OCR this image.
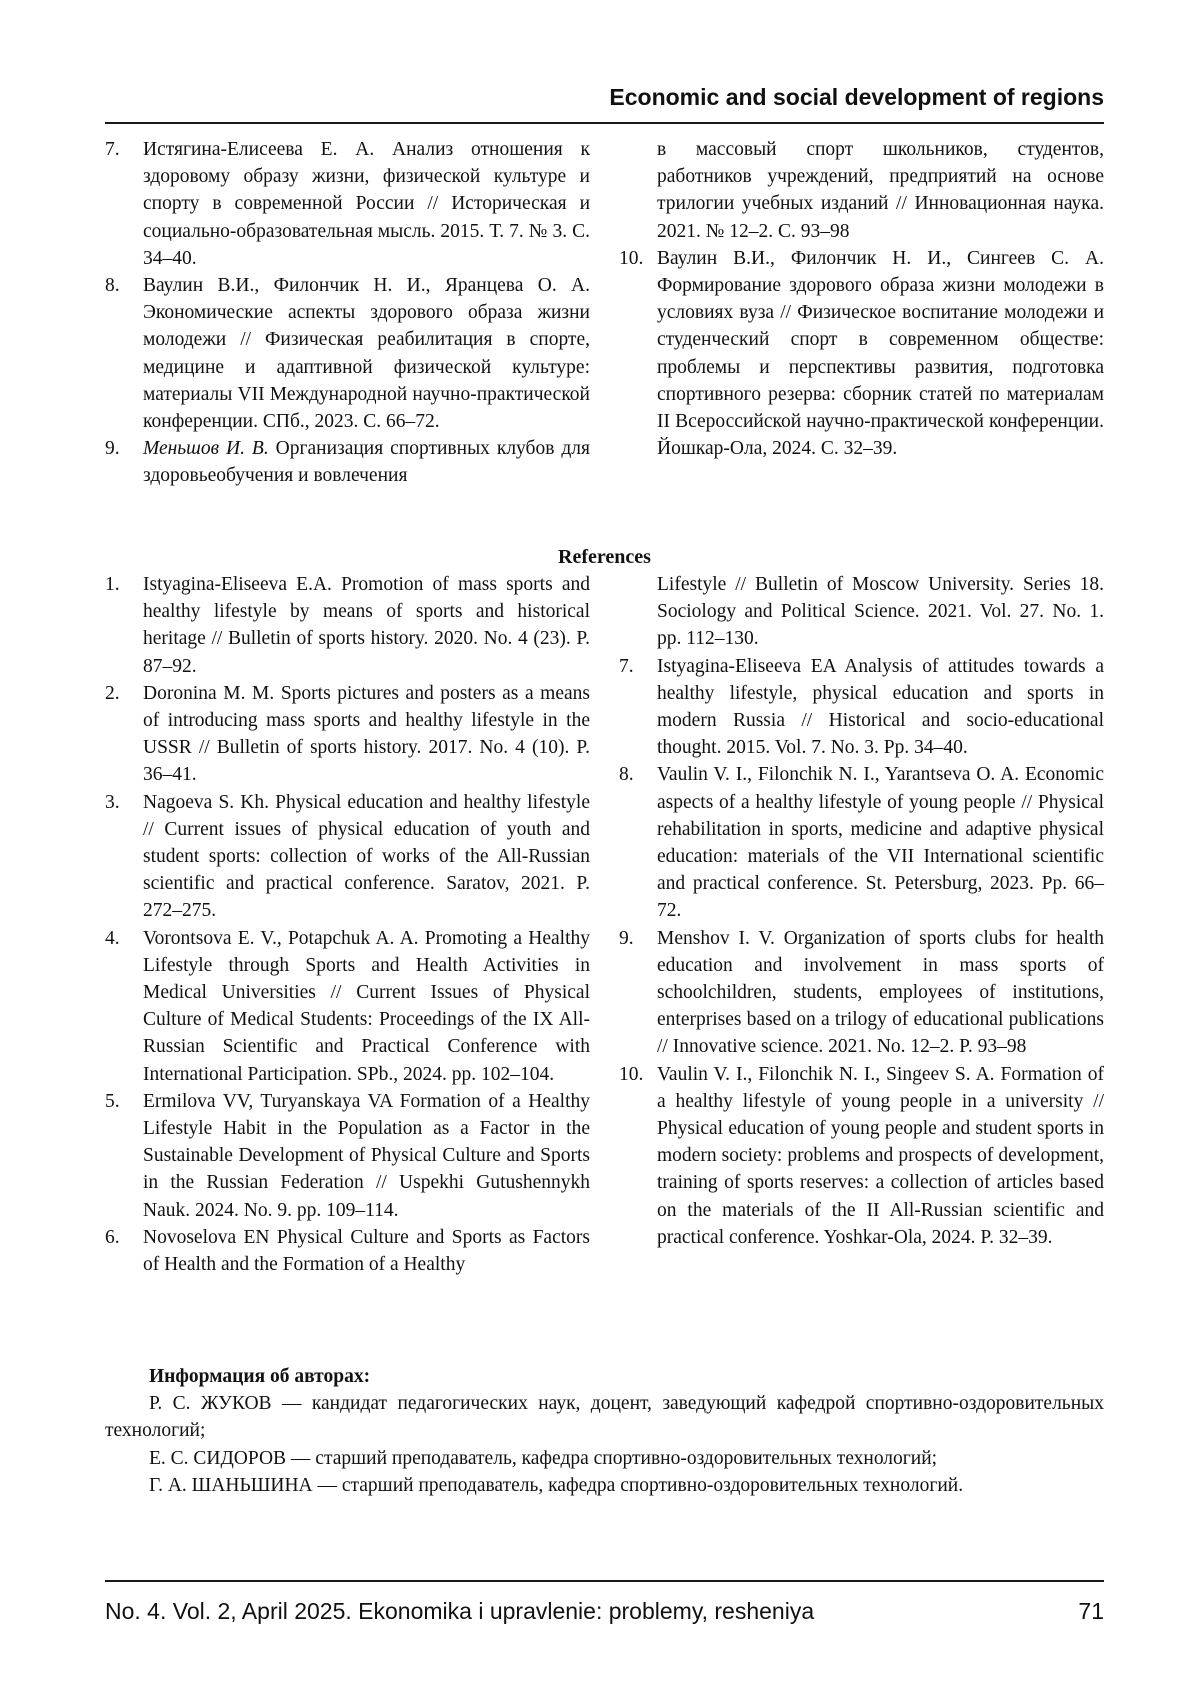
Economic and social development of regions
7.	Истягина-Елисеева Е. А. Анализ отношения к здоровому образу жизни, физической культуре и спорту в современной России // Историческая и социально-образовательная мысль. 2015. Т. 7. № 3. С. 34–40.
8.	Ваулин В.И., Филончик Н. И., Яранцева О. А. Экономические аспекты здорового образа жизни молодежи // Физическая реабилитация в спорте, медицине и адаптивной физической культуре: материалы VII Международной научно-практической конференции. СПб., 2023. С. 66–72.
9.	Меньшов И. В. Организация спортивных клубов для здоровьеобучения и вовлечения
в массовый спорт школьников, студентов, работников учреждений, предприятий на основе трилогии учебных изданий // Инновационная наука. 2021. № 12–2. С. 93–98
10. Ваулин В.И., Филончик Н. И., Сингеев С. А. Формирование здорового образа жизни молодежи в условиях вуза // Физическое воспитание молодежи и студенческий спорт в современном обществе: проблемы и перспективы развития, подготовка спортивного резерва: сборник статей по материалам II Всероссийской научно-практической конференции. Йошкар-Ола, 2024. С. 32–39.
References
1.	Istyagina-Eliseeva E.A. Promotion of mass sports and healthy lifestyle by means of sports and historical heritage // Bulletin of sports history. 2020. No. 4 (23). P. 87–92.
2.	Doronina M. M. Sports pictures and posters as a means of introducing mass sports and healthy lifestyle in the USSR // Bulletin of sports history. 2017. No. 4 (10). P. 36–41.
3.	Nagoeva S. Kh. Physical education and healthy lifestyle // Current issues of physical education of youth and student sports: collection of works of the All-Russian scientific and practical conference. Saratov, 2021. P. 272–275.
4.	Vorontsova E. V., Potapchuk A. A. Promoting a Healthy Lifestyle through Sports and Health Activities in Medical Universities // Current Issues of Physical Culture of Medical Students: Proceedings of the IX All-Russian Scientific and Practical Conference with International Participation. SPb., 2024. pp. 102–104.
5.	Ermilova VV, Turyanskaya VA Formation of a Healthy Lifestyle Habit in the Population as a Factor in the Sustainable Development of Physical Culture and Sports in the Russian Federation // Uspekhi Gutushennykh Nauk. 2024. No. 9. pp. 109–114.
6.	Novoselova EN Physical Culture and Sports as Factors of Health and the Formation of a Healthy
Lifestyle // Bulletin of Moscow University. Series 18. Sociology and Political Science. 2021. Vol. 27. No. 1. pp. 112–130.
7.	Istyagina-Eliseeva EA Analysis of attitudes towards a healthy lifestyle, physical education and sports in modern Russia // Historical and socio-educational thought. 2015. Vol. 7. No. 3. Pp. 34–40.
8.	Vaulin V. I., Filonchik N. I., Yarantseva O. A. Economic aspects of a healthy lifestyle of young people // Physical rehabilitation in sports, medicine and adaptive physical education: materials of the VII International scientific and practical conference. St. Petersburg, 2023. Pp. 66–72.
9.	Menshov I. V. Organization of sports clubs for health education and involvement in mass sports of schoolchildren, students, employees of institutions, enterprises based on a trilogy of educational publications // Innovative science. 2021. No. 12–2. P. 93–98
10. Vaulin V. I., Filonchik N. I., Singeev S. A. Formation of a healthy lifestyle of young people in a university // Physical education of young people and student sports in modern society: problems and prospects of development, training of sports reserves: a collection of articles based on the materials of the II All-Russian scientific and practical conference. Yoshkar-Ola, 2024. P. 32–39.
Информация об авторах:
Р. С. ЖУКОВ — кандидат педагогических наук, доцент, заведующий кафедрой спортивно-оздоровительных технологий;
Е. С. СИДОРОВ — старший преподаватель, кафедра спортивно-оздоровительных технологий;
Г. А. ШАНЬШИНА — старший преподаватель, кафедра спортивно-оздоровительных технологий.
No. 4. Vol. 2, April 2025. Ekonomika i upravlenie: problemy, resheniya	71
